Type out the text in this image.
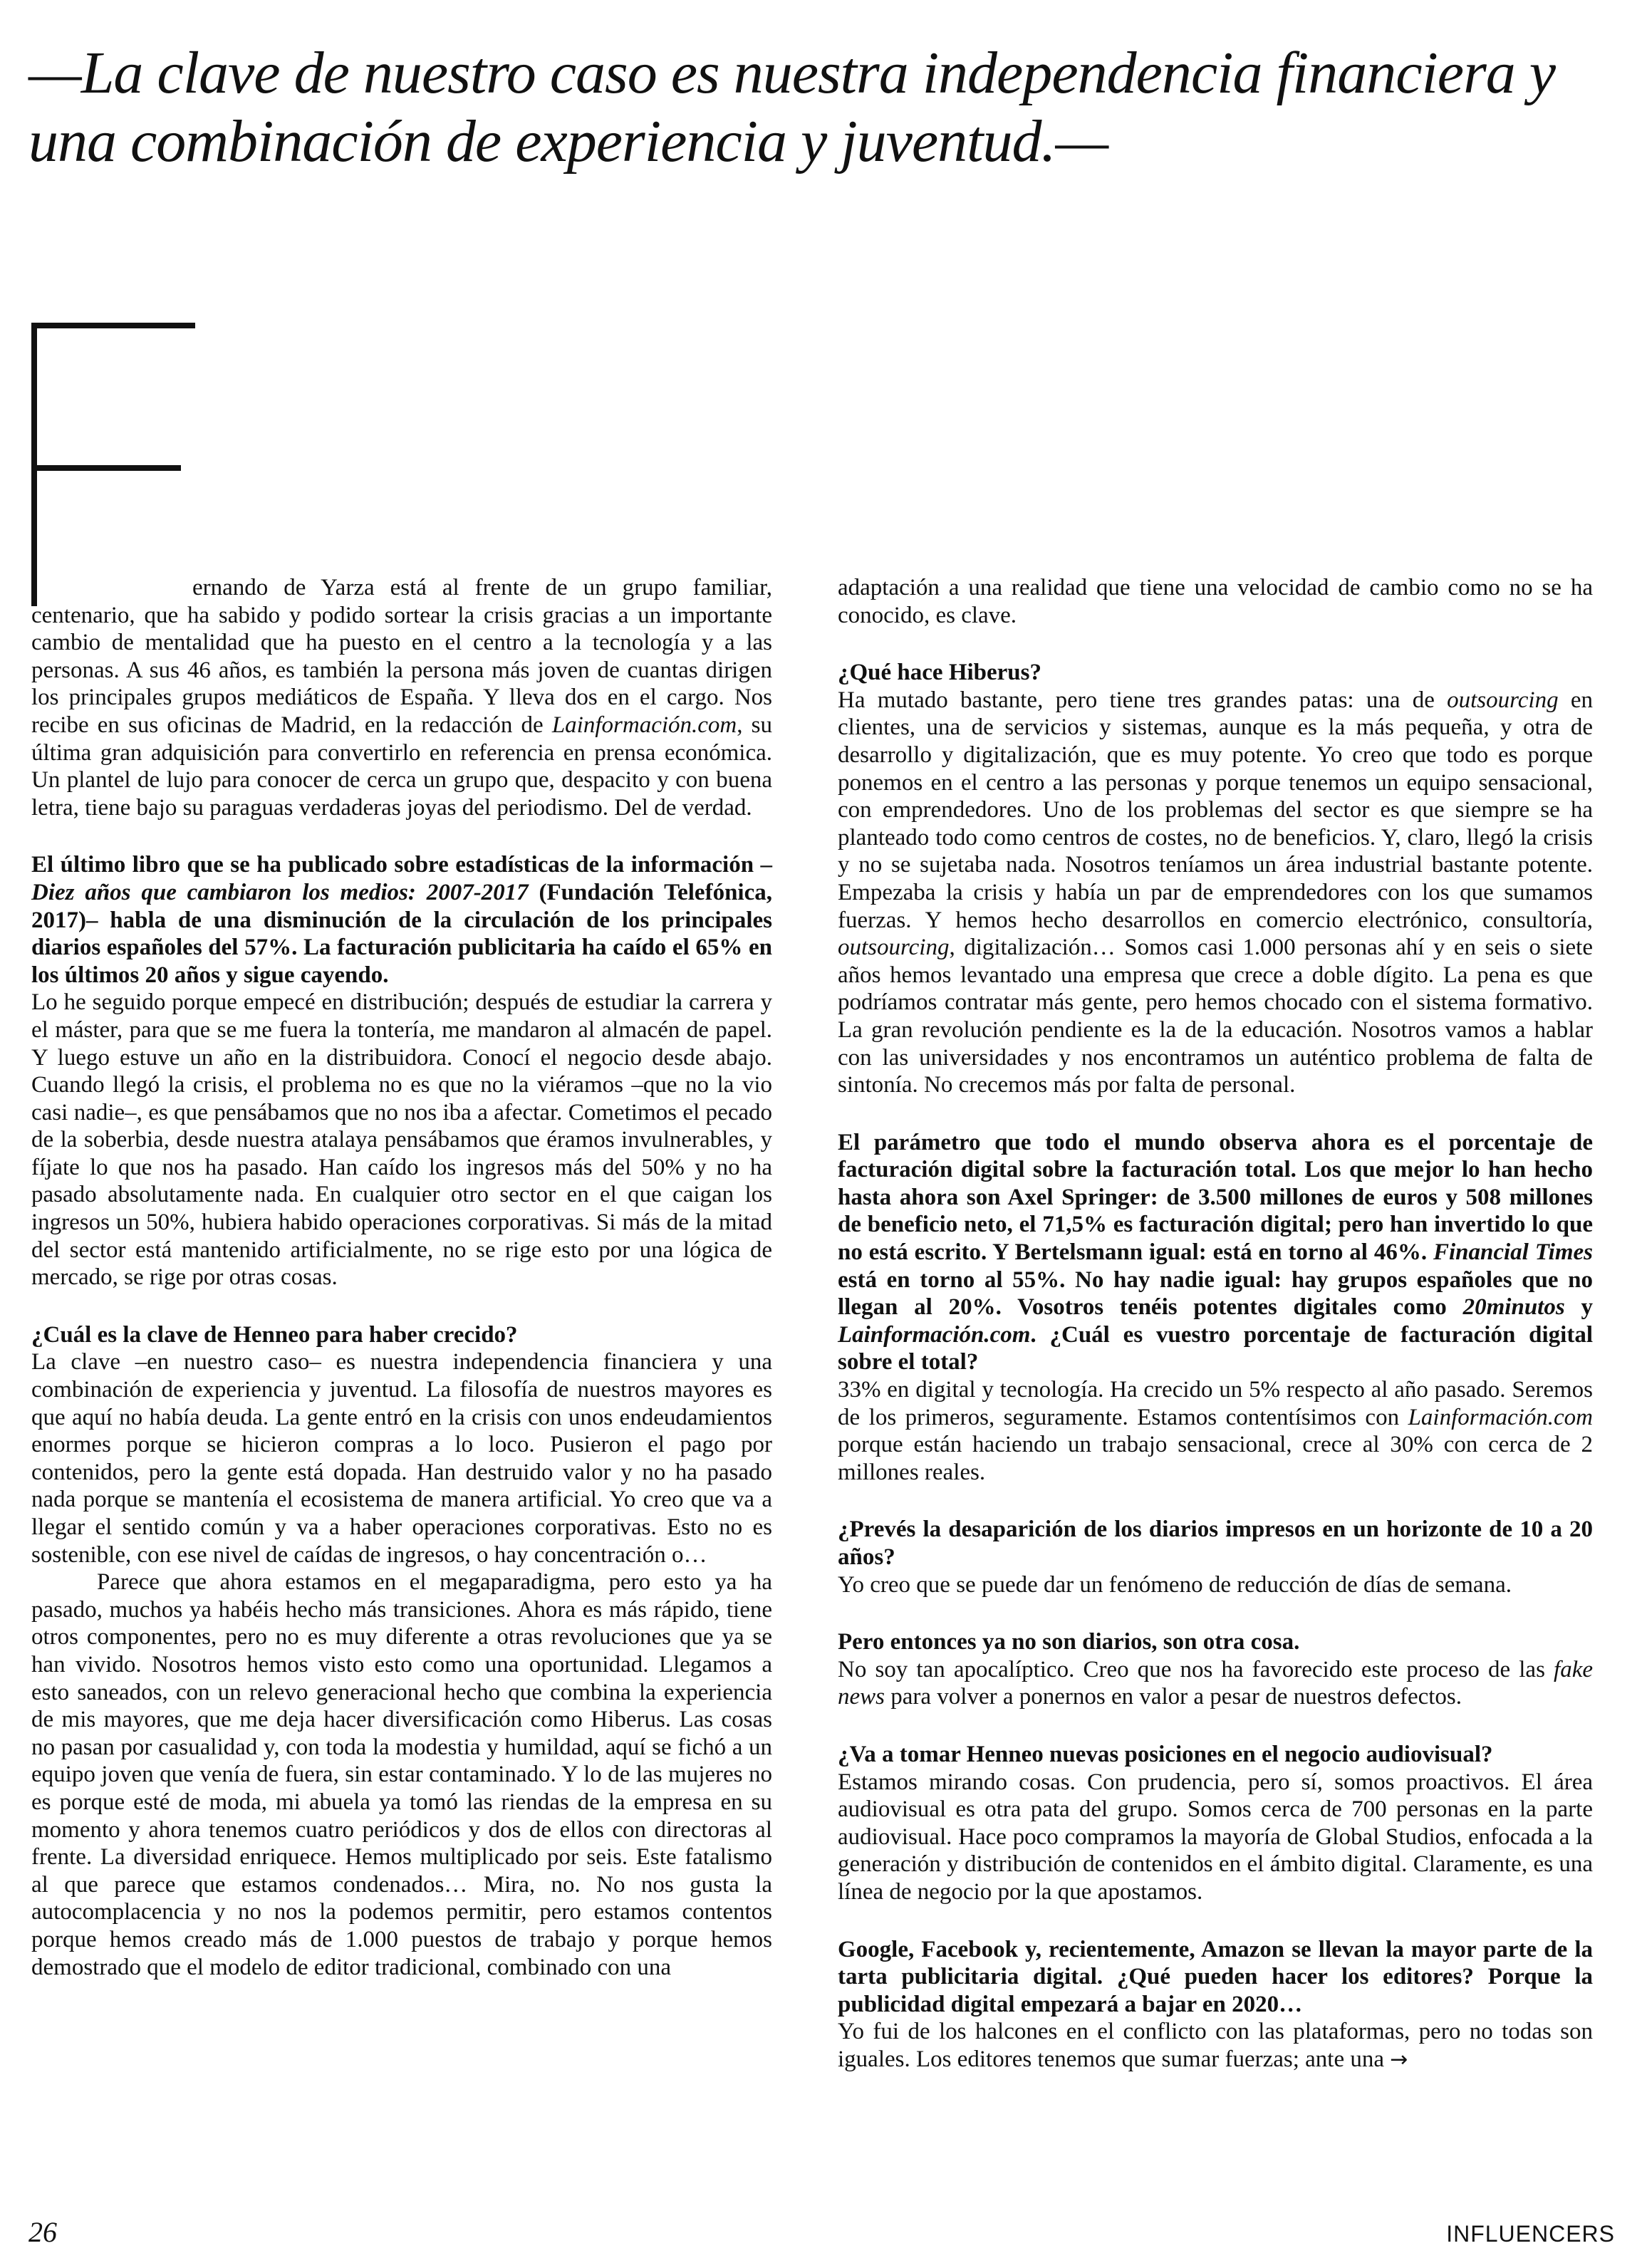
—La clave de nuestro caso es nuestra independencia financiera y una combinación de experiencia y juventud.—

ernando de Yarza está al frente de un grupo familiar, centenario, que ha sabido y podido sortear la crisis gracias a un importante cambio de mentalidad que ha puesto en el centro a la tecnología y a las personas. A sus 46 años, es también la persona más joven de cuantas dirigen los principales grupos mediáticos de España. Y lleva dos en el cargo. Nos recibe en sus oficinas de Madrid, en la redacción de Lainformación.com, su última gran adquisición para convertirlo en referencia en prensa económica. Un plantel de lujo para conocer de cerca un grupo que, despacito y con buena letra, tiene bajo su paraguas verdaderas joyas del periodismo. Del de verdad.

El último libro que se ha publicado sobre estadísticas de la información –Diez años que cambiaron los medios: 2007-2017 (Fundación Telefónica, 2017)– habla de una disminución de la circulación de los principales diarios españoles del 57%. La facturación publicitaria ha caído el 65% en los últimos 20 años y sigue cayendo.

Lo he seguido porque empecé en distribución; después de estudiar la carrera y el máster, para que se me fuera la tontería, me mandaron al almacén de papel. Y luego estuve un año en la distribuidora. Conocí el negocio desde abajo. Cuando llegó la crisis, el problema no es que no la viéramos –que no la vio casi nadie–, es que pensábamos que no nos iba a afectar. Cometimos el pecado de la soberbia, desde nuestra atalaya pensábamos que éramos invulnerables, y fíjate lo que nos ha pasado. Han caído los ingresos más del 50% y no ha pasado absolutamente nada. En cualquier otro sector en el que caigan los ingresos un 50%, hubiera habido operaciones corporativas. Si más de la mitad del sector está mantenido artificialmente, no se rige esto por una lógica de mercado, se rige por otras cosas.

¿Cuál es la clave de Henneo para haber crecido?

La clave –en nuestro caso– es nuestra independencia financiera y una combinación de experiencia y juventud. La filosofía de nuestros mayores es que aquí no había deuda. La gente entró en la crisis con unos endeudamientos enormes porque se hicieron compras a lo loco. Pusieron el pago por contenidos, pero la gente está dopada. Han destruido valor y no ha pasado nada porque se mantenía el ecosistema de manera artificial. Yo creo que va a llegar el sentido común y va a haber operaciones corporativas. Esto no es sostenible, con ese nivel de caídas de ingresos, o hay concentración o…

Parece que ahora estamos en el megaparadigma, pero esto ya ha pasado, muchos ya habéis hecho más transiciones. Ahora es más rápido, tiene otros componentes, pero no es muy diferente a otras revoluciones que ya se han vivido. Nosotros hemos visto esto como una oportunidad. Llegamos a esto saneados, con un relevo generacional hecho que combina la experiencia de mis mayores, que me deja hacer diversificación como Hiberus. Las cosas no pasan por casualidad y, con toda la modestia y humildad, aquí se fichó a un equipo joven que venía de fuera, sin estar contaminado. Y lo de las mujeres no es porque esté de moda, mi abuela ya tomó las riendas de la empresa en su momento y ahora tenemos cuatro periódicos y dos de ellos con directoras al frente. La diversidad enriquece. Hemos multiplicado por seis. Este fatalismo al que parece que estamos condenados… Mira, no. No nos gusta la autocomplacencia y no nos la podemos permitir, pero estamos contentos porque hemos creado más de 1.000 puestos de trabajo y porque hemos demostrado que el modelo de editor tradicional, combinado con una

adaptación a una realidad que tiene una velocidad de cambio como no se ha conocido, es clave.

¿Qué hace Hiberus?

Ha mutado bastante, pero tiene tres grandes patas: una de outsourcing en clientes, una de servicios y sistemas, aunque es la más pequeña, y otra de desarrollo y digitalización, que es muy potente. Yo creo que todo es porque ponemos en el centro a las personas y porque tenemos un equipo sensacional, con emprendedores. Uno de los problemas del sector es que siempre se ha planteado todo como centros de costes, no de beneficios. Y, claro, llegó la crisis y no se sujetaba nada. Nosotros teníamos un área industrial bastante potente. Empezaba la crisis y había un par de emprendedores con los que sumamos fuerzas. Y hemos hecho desarrollos en comercio electrónico, consultoría, outsourcing, digitalización… Somos casi 1.000 personas ahí y en seis o siete años hemos levantado una empresa que crece a doble dígito. La pena es que podríamos contratar más gente, pero hemos chocado con el sistema formativo. La gran revolución pendiente es la de la educación. Nosotros vamos a hablar con las universidades y nos encontramos un auténtico problema de falta de sintonía. No crecemos más por falta de personal.

El parámetro que todo el mundo observa ahora es el porcentaje de facturación digital sobre la facturación total. Los que mejor lo han hecho hasta ahora son Axel Springer: de 3.500 millones de euros y 508 millones de beneficio neto, el 71,5% es facturación digital; pero han invertido lo que no está escrito. Y Bertelsmann igual: está en torno al 46%. Financial Times está en torno al 55%. No hay nadie igual: hay grupos españoles que no llegan al 20%. Vosotros tenéis potentes digitales como 20minutos y Lainformación.com. ¿Cuál es vuestro porcentaje de facturación digital sobre el total?

33% en digital y tecnología. Ha crecido un 5% respecto al año pasado. Seremos de los primeros, seguramente. Estamos contentísimos con Lainformación.com porque están haciendo un trabajo sensacional, crece al 30% con cerca de 2 millones reales.

¿Prevés la desaparición de los diarios impresos en un horizonte de 10 a 20 años?

Yo creo que se puede dar un fenómeno de reducción de días de semana.

Pero entonces ya no son diarios, son otra cosa.

No soy tan apocalíptico. Creo que nos ha favorecido este proceso de las fake news para volver a ponernos en valor a pesar de nuestros defectos.

¿Va a tomar Henneo nuevas posiciones en el negocio audiovisual?

Estamos mirando cosas. Con prudencia, pero sí, somos proactivos. El área audiovisual es otra pata del grupo. Somos cerca de 700 personas en la parte audiovisual. Hace poco compramos la mayoría de Global Studios, enfocada a la generación y distribución de contenidos en el ámbito digital. Claramente, es una línea de negocio por la que apostamos.

Google, Facebook y, recientemente, Amazon se llevan la mayor parte de la tarta publicitaria digital. ¿Qué pueden hacer los editores? Porque la publicidad digital empezará a bajar en 2020…

Yo fui de los halcones en el conflicto con las plataformas, pero no todas son iguales. Los editores tenemos que sumar fuerzas; ante una →

26	INFLUENCERS
